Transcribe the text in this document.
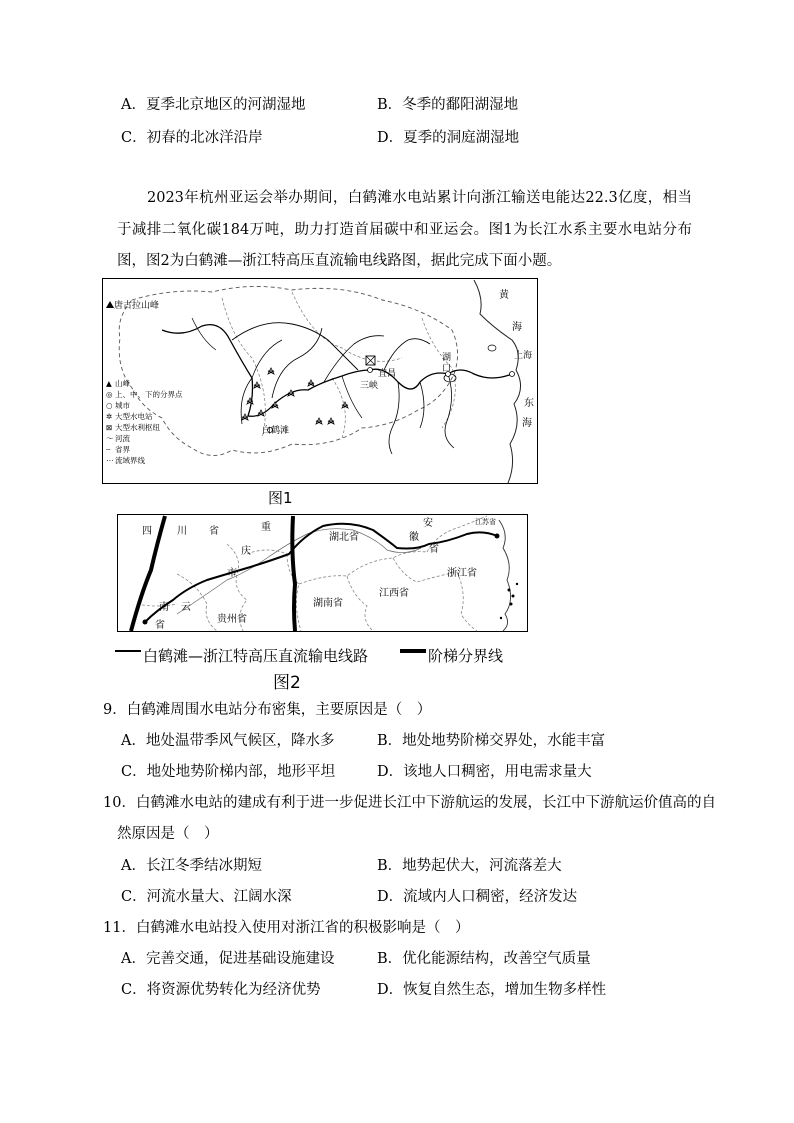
A．夏季北京地区的河湖湿地	B．冬季的鄱阳湖湿地
C．初春的北冰洋沿岸	D．夏季的洞庭湖湿地
2023年杭州亚运会举办期间，白鹤滩水电站累计向浙江输送电能达22.3亿度，相当于减排二氧化碳184万吨，助力打造首届碳中和亚运会。图1为长江水系主要水电站分布图，图2为白鹤滩—浙江特高压直流输电线路图，据此完成下面小题。
唐古拉山峰
黄
海
上海
东
海
湖
口
宜昌
三峡
白鹤滩
▲ 山峰
◎ 上、中、下的分界点
○ 城市
✲ 大型水电站
⊠ 大型水利枢纽
～ 河流
┄ 省界
⋯ 流域界线
图1
四	川 省	重
庆
市
湖北省
安
徽
省
浙江省
江西省
湖南省
贵州省
南 云
省
江苏省
白鹤滩—浙江特高压直流输电线路	阶梯分界线
图2
9．白鹤滩周围水电站分布密集，主要原因是（　）
A．地处温带季风气候区，降水多	B．地处地势阶梯交界处，水能丰富
C．地处地势阶梯内部，地形平坦	D．该地人口稠密，用电需求量大
10．白鹤滩水电站的建成有利于进一步促进长江中下游航运的发展，长江中下游航运价值高的自
然原因是（　）
A．长江冬季结冰期短	B．地势起伏大，河流落差大
C．河流水量大、江阔水深	D．流域内人口稠密，经济发达
11．白鹤滩水电站投入使用对浙江省的积极影响是（　）
A．完善交通，促进基础设施建设	B．优化能源结构，改善空气质量
C．将资源优势转化为经济优势	D．恢复自然生态，增加生物多样性
